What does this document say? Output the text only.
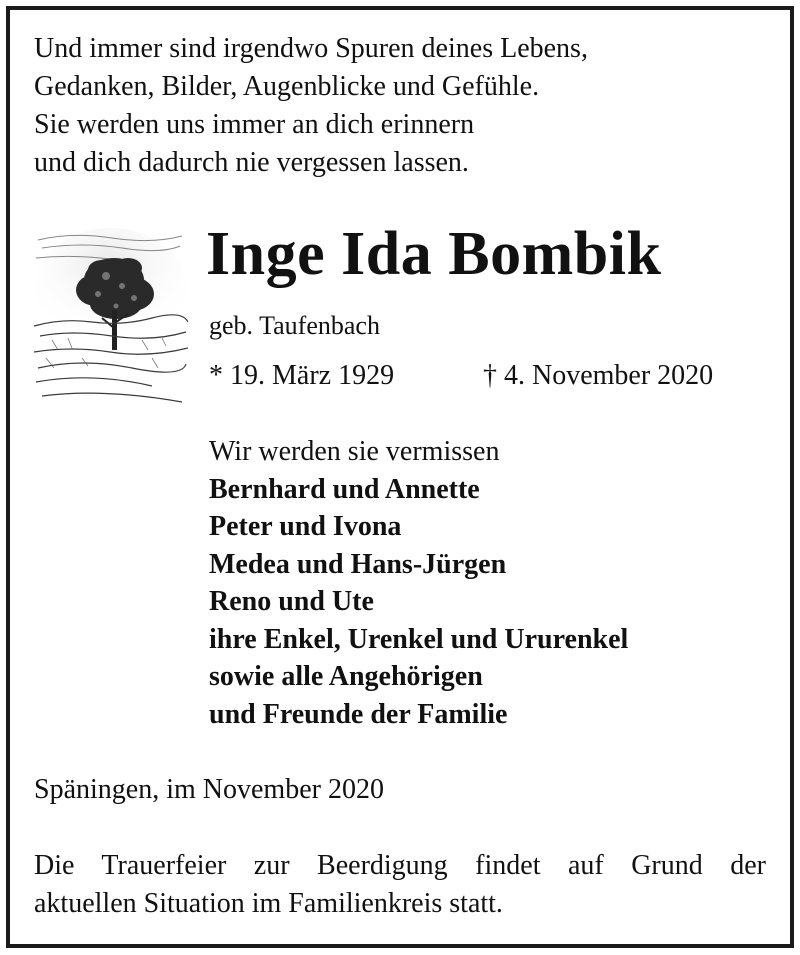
Und immer sind irgendwo Spuren deines Lebens,
Gedanken, Bilder, Augenblicke und Gefühle.
Sie werden uns immer an dich erinnern
und dich dadurch nie vergessen lassen.
Inge Ida Bombik
geb. Taufenbach
* 19. März 1929	† 4. November 2020
Wir werden sie vermissen
Bernhard und Annette
Peter und Ivona
Medea und Hans-Jürgen
Reno und Ute
ihre Enkel, Urenkel und Ururenkel
sowie alle Angehörigen
und Freunde der Familie
Späningen, im November 2020
Die Trauerfeier zur Beerdigung findet auf Grund der
aktuellen Situation im Familienkreis statt.
